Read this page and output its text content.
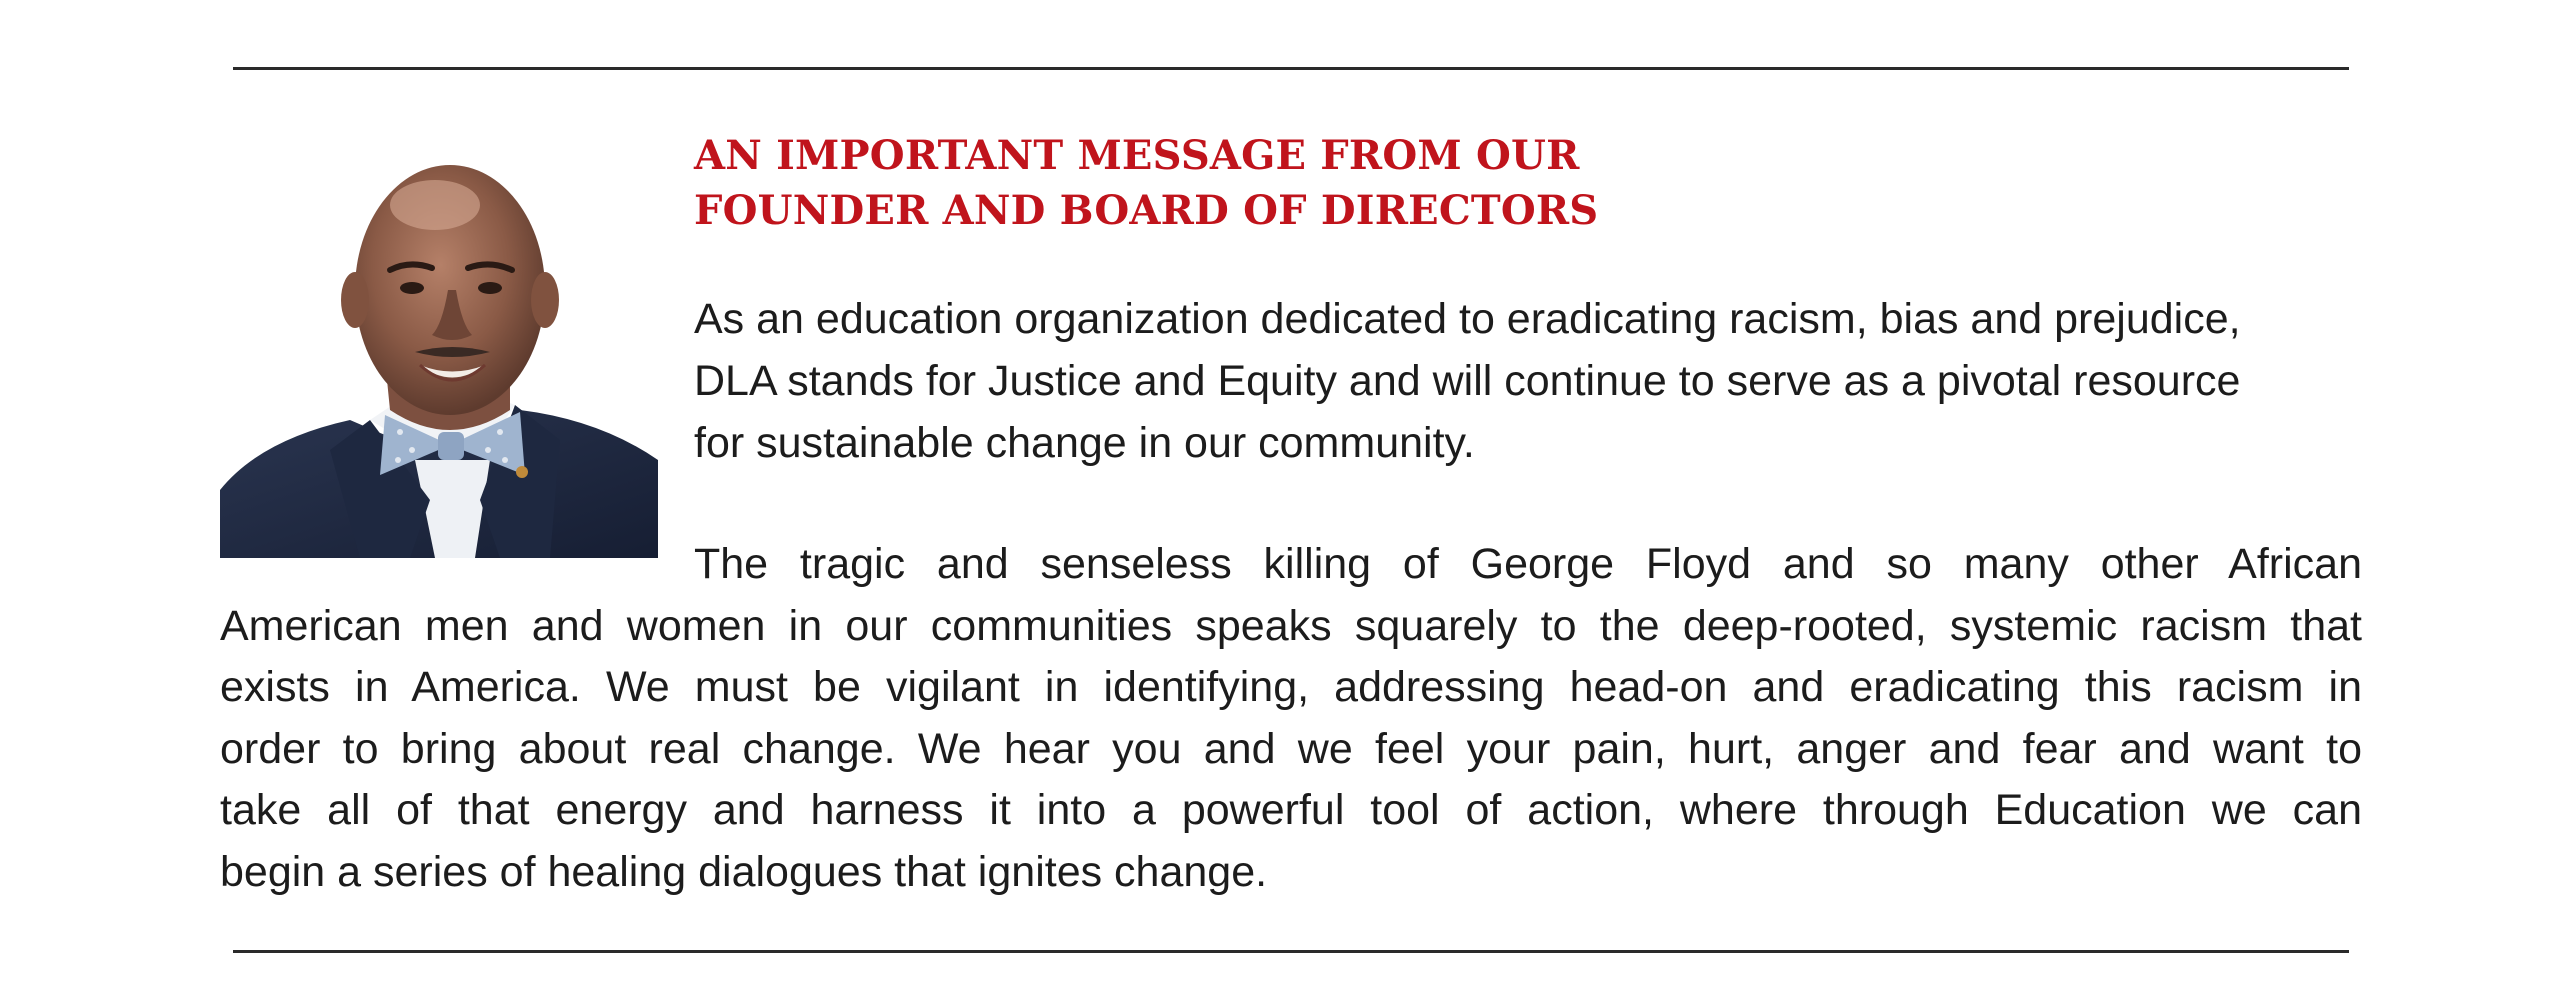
AN IMPORTANT MESSAGE FROM OUR
FOUNDER AND BOARD OF DIRECTORS

As an education organization dedicated to eradicating racism, bias and prejudice,
DLA stands for Justice and Equity and will continue to serve as a pivotal resource
for sustainable change in our community.

The tragic and senseless killing of George Floyd and so many other African
American men and women in our communities speaks squarely to the deep-rooted, systemic racism that
exists in America. We must be vigilant in identifying, addressing head-on and eradicating this racism in
order to bring about real change. We hear you and we feel your pain, hurt, anger and fear and want to
take all of that energy and harness it into a powerful tool of action, where through Education we can
begin a series of healing dialogues that ignites change.
